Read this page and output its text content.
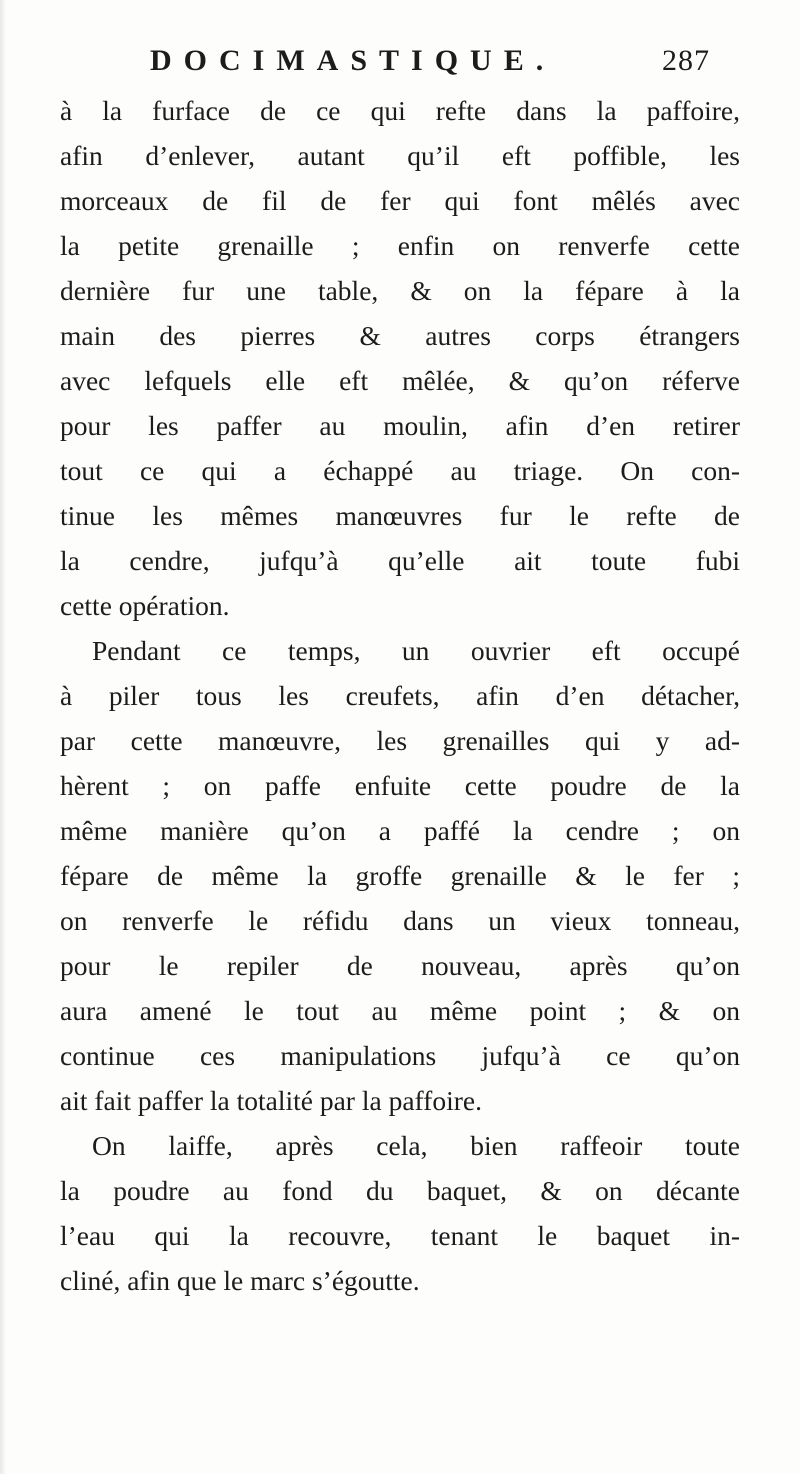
DOCIMASTIQUE.	287
à la furface de ce qui refte dans la paffoire,
afin d’enlever, autant qu’il eft poffible, les
morceaux de fil de fer qui font mêlés avec
la petite grenaille ; enfin on renverfe cette
dernière fur une table, & on la fépare à la
main des pierres & autres corps étrangers
avec lefquels elle eft mêlée, & qu’on réferve
pour les paffer au moulin, afin d’en retirer
tout ce qui a échappé au triage. On con-
tinue les mêmes manœuvres fur le refte de
la cendre, jufqu’à qu’elle ait toute fubi
cette opération.
Pendant ce temps, un ouvrier eft occupé
à piler tous les creufets, afin d’en détacher,
par cette manœuvre, les grenailles qui y ad-
hèrent ; on paffe enfuite cette poudre de la
même manière qu’on a paffé la cendre ; on
fépare de même la groffe grenaille & le fer ;
on renverfe le réfidu dans un vieux tonneau,
pour le repiler de nouveau, après qu’on
aura amené le tout au même point ; & on
continue ces manipulations jufqu’à ce qu’on
ait fait paffer la totalité par la paffoire.
On laiffe, après cela, bien raffeoir toute
la poudre au fond du baquet, & on décante
l’eau qui la recouvre, tenant le baquet in-
cliné, afin que le marc s’égoutte.
